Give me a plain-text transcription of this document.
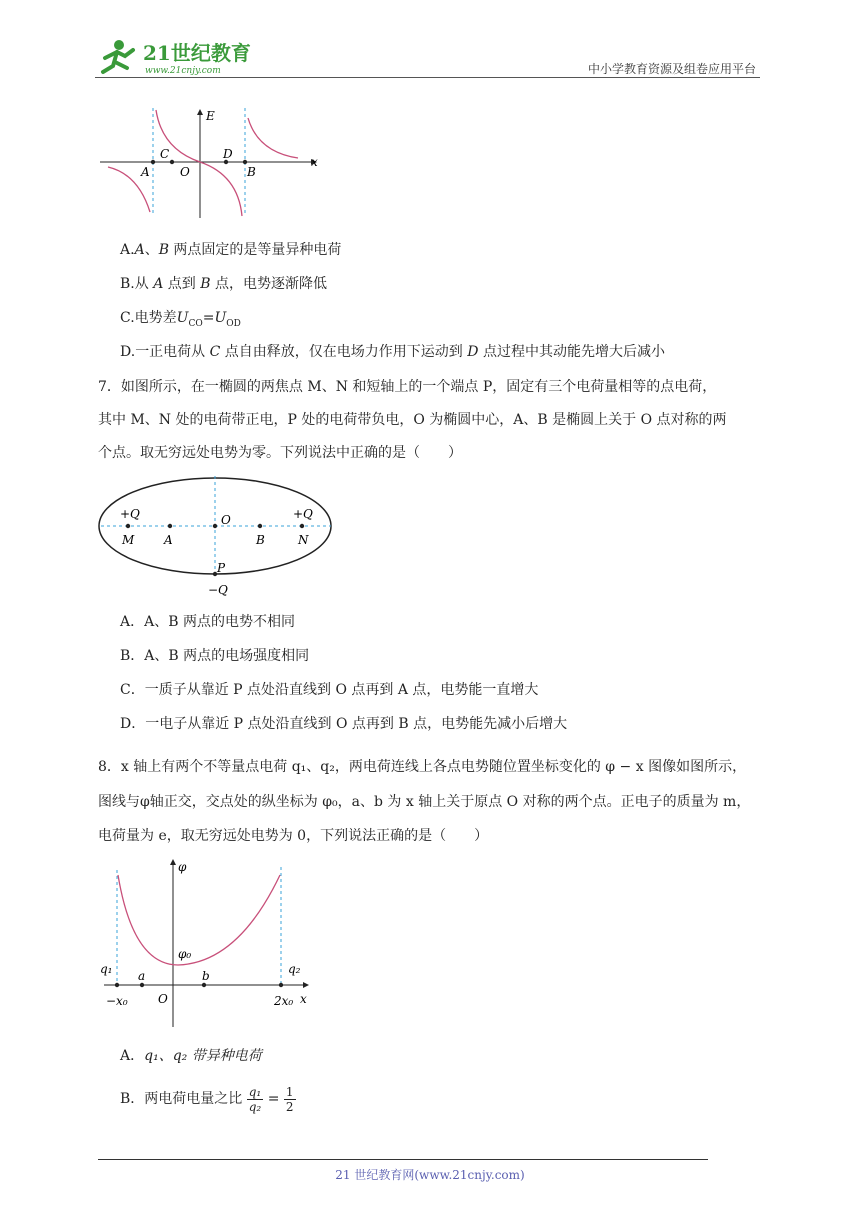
21世纪教育
www.21cnjy.com	中小学教育资源及组卷应用平台
E
x
C
O
D
A	B
A.A、B 两点固定的是等量异种电荷
B.从 A 点到 B 点，电势逐渐降低
C.电势差$U_{CO}=U_{OD}$
D.一正电荷从 C 点自由释放，仅在电场力作用下运动到 D 点过程中其动能先增大后减小
7．如图所示，在一椭圆的两焦点 M、N 和短轴上的一个端点 P，固定有三个电荷量相等的点电荷，
其中 M、N 处的电荷带正电，P 处的电荷带负电，O 为椭圆中心，A、B 是椭圆上关于 O 点对称的两
个点。取无穷远处电势为零。下列说法中正确的是（　　）
+Q
M A
O
B
+Q
N
P
−Q
A．A、B 两点的电势不相同
B．A、B 两点的电场强度相同
C．一质子从靠近 P 点处沿直线到 O 点再到 A 点，电势能一直增大
D．一电子从靠近 P 点处沿直线到 O 点再到 B 点，电势能先减小后增大
8．x 轴上有两个不等量点电荷 q₁、q₂，两电荷连线上各点电势随位置坐标变化的 φ − x 图像如图所示，
图线与φ轴正交，交点处的纵坐标为 φ₀，a、b 为 x 轴上关于原点 O 对称的两个点。正电子的质量为 m，
电荷量为 e，取无穷远处电势为 0，下列说法正确的是（　　）
φ
φ₀
q₁ a	b	q₂
−x₀	O	2x₀ x
A．q₁、q₂ 带异种电荷
B．两电荷电量之比 $\frac{\text{q₁}}{\text{q₂}} = \frac{1}{2}$
21 世纪教育网(www.21cnjy.com)
